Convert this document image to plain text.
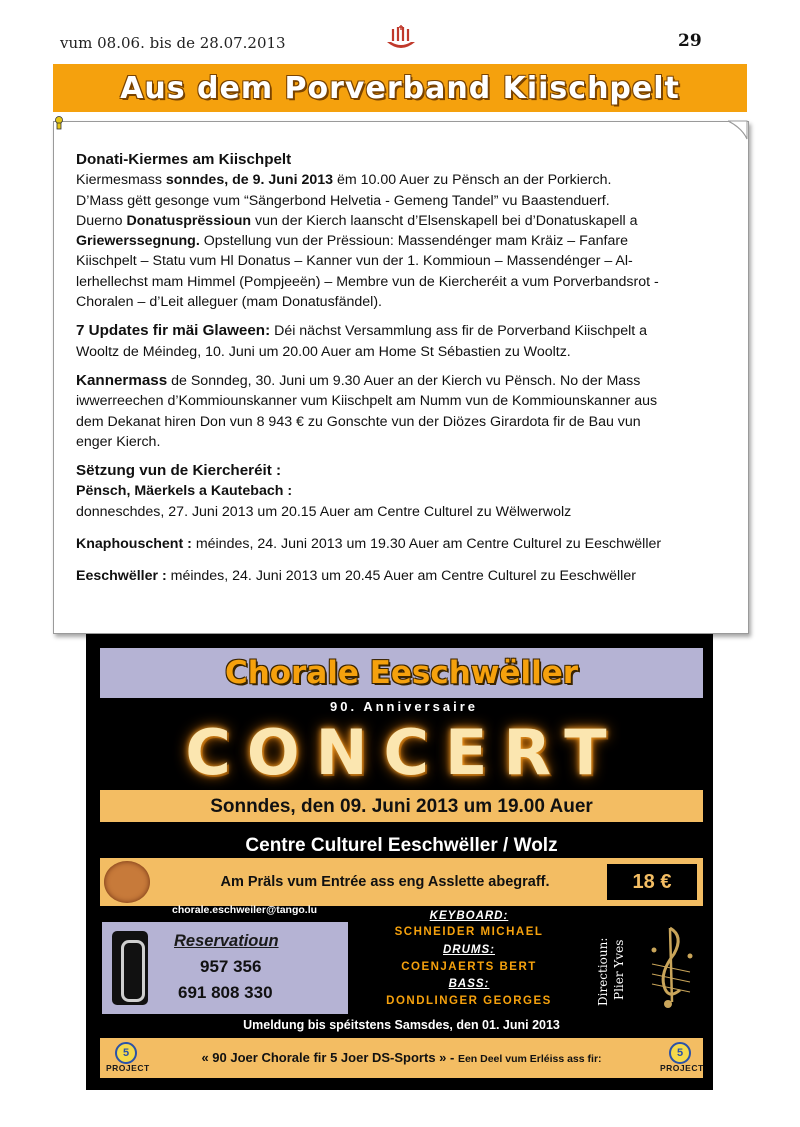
vum 08.06. bis de 28.07.2013	29
Aus dem Porverband Kiischpelt

Donati-Kiermes am Kiischpelt

Kiermesmass sonndes, de 9. Juni 2013 ëm 10.00 Auer zu Pënsch an der Porkierch.

D’Mass gëtt gesonge vum “Sängerbond Helvetia - Gemeng Tandel” vu Baastenduerf.

Duerno Donatusprëssioun vun der Kierch laanscht d’Elsenskapell bei d’Donatuskapell a

Griewerssegnung. Opstellung vun der Prëssioun: Massendénger mam Kräiz – Fanfare

Kiischpelt – Statu vum Hl Donatus – Kanner vun der 1. Kommioun – Massendénger – Al-

lerhellechst mam Himmel (Pompjeeën) – Membre vun de Kiercheréit a vum Porverbandsrot -

Choralen – d’Leit alleguer (mam Donatusfändel).

7 Updates fir mäi Glaween: Déi nächst Versammlung ass fir de Porverband Kiischpelt a

Wooltz de Méindeg, 10. Juni um 20.00 Auer am Home St Sébastien zu Wooltz.

Kannermass de Sonndeg, 30. Juni um 9.30 Auer an der Kierch vu Pënsch. No der Mass

iwwerreechen d’Kommiounskanner vum Kiischpelt am Numm vun de Kommiounskanner aus

dem Dekanat hiren Don vun 8 943 € zu Gonschte vun der Diözes Girardota fir de Bau vun

enger Kierch.

Sëtzung vun de Kiercheréit :

Pënsch, Mäerkels a Kautebach :

donneschdes, 27. Juni 2013 um 20.15 Auer am Centre Culturel zu Wëlwerwolz

Knaphouschent : méindes, 24. Juni 2013 um 19.30 Auer am Centre Culturel zu Eeschwëller

Eeschwëller : méindes, 24. Juni 2013 um 20.45 Auer am Centre Culturel zu Eeschwëller

Chorale Eeschwëller
90. Anniversaire
CONCERT
Sonndes, den 09. Juni 2013 um 19.00 Auer
Centre Culturel Eeschwëller / Wolz
Am Präls vum Entrée ass eng Asslette abegraff.	18 €
chorale.eschweiler@tango.lu
Reservatioun
957 356
691 808 330
KEYBOARD:
SCHNEIDER MICHAEL
DRUMS:
COENJAERTS BERT
BASS:
DONDLINGER GEORGES	Directioun: Plier Yves
Umeldung bis spéitstens Samsdes, den 01. Juni 2013
5
PROJECT
« 90 Joer Chorale fir 5 Joer DS-Sports » - Een Deel vum Erléiss ass fir:	5
PROJECT
